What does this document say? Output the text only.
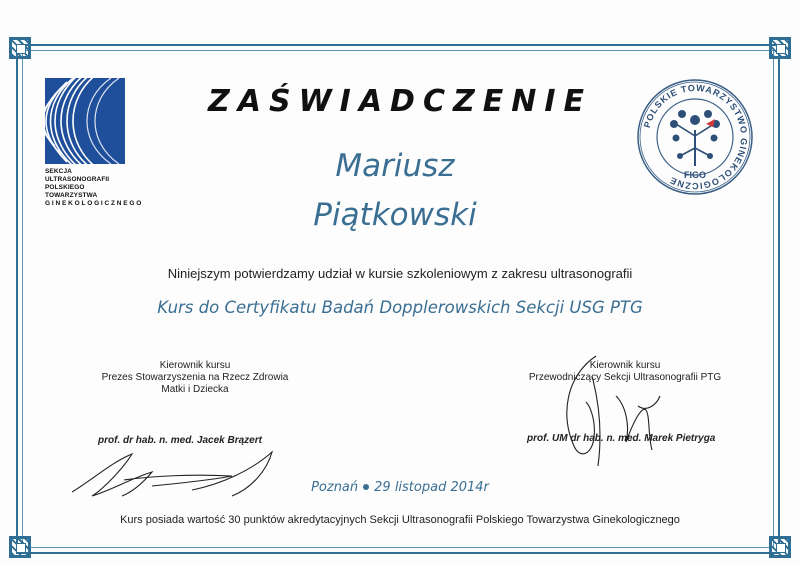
SEKCJA ULTRASONOGRAFII
POLSKIEGO TOWARZYSTWA
GINEKOLOGICZNEGO
ZAŚWIADCZENIE
POLSKIE TOWARZYSTWO GINEKOLOGICZNE FIGO
Mariusz
Piątkowski
Niniejszym potwierdzamy udział w kursie szkoleniowym z zakresu ultrasonografii
Kurs do Certyfikatu Badań Dopplerowskich Sekcji USG PTG
Kierownik kursu
Prezes Stowarzyszenia na Rzecz Zdrowia
Matki i Dziecka
prof. dr hab. n. med. Jacek Brązert
Kierownik kursu
Przewodniczący Sekcji Ultrasonografii PTG
prof. UM dr hab. n. med. Marek Pietryga
Poznań 29 listopad 2014r
Kurs posiada wartość 30 punktów akredytacyjnych Sekcji Ultrasonografii Polskiego Towarzystwa Ginekologicznego
